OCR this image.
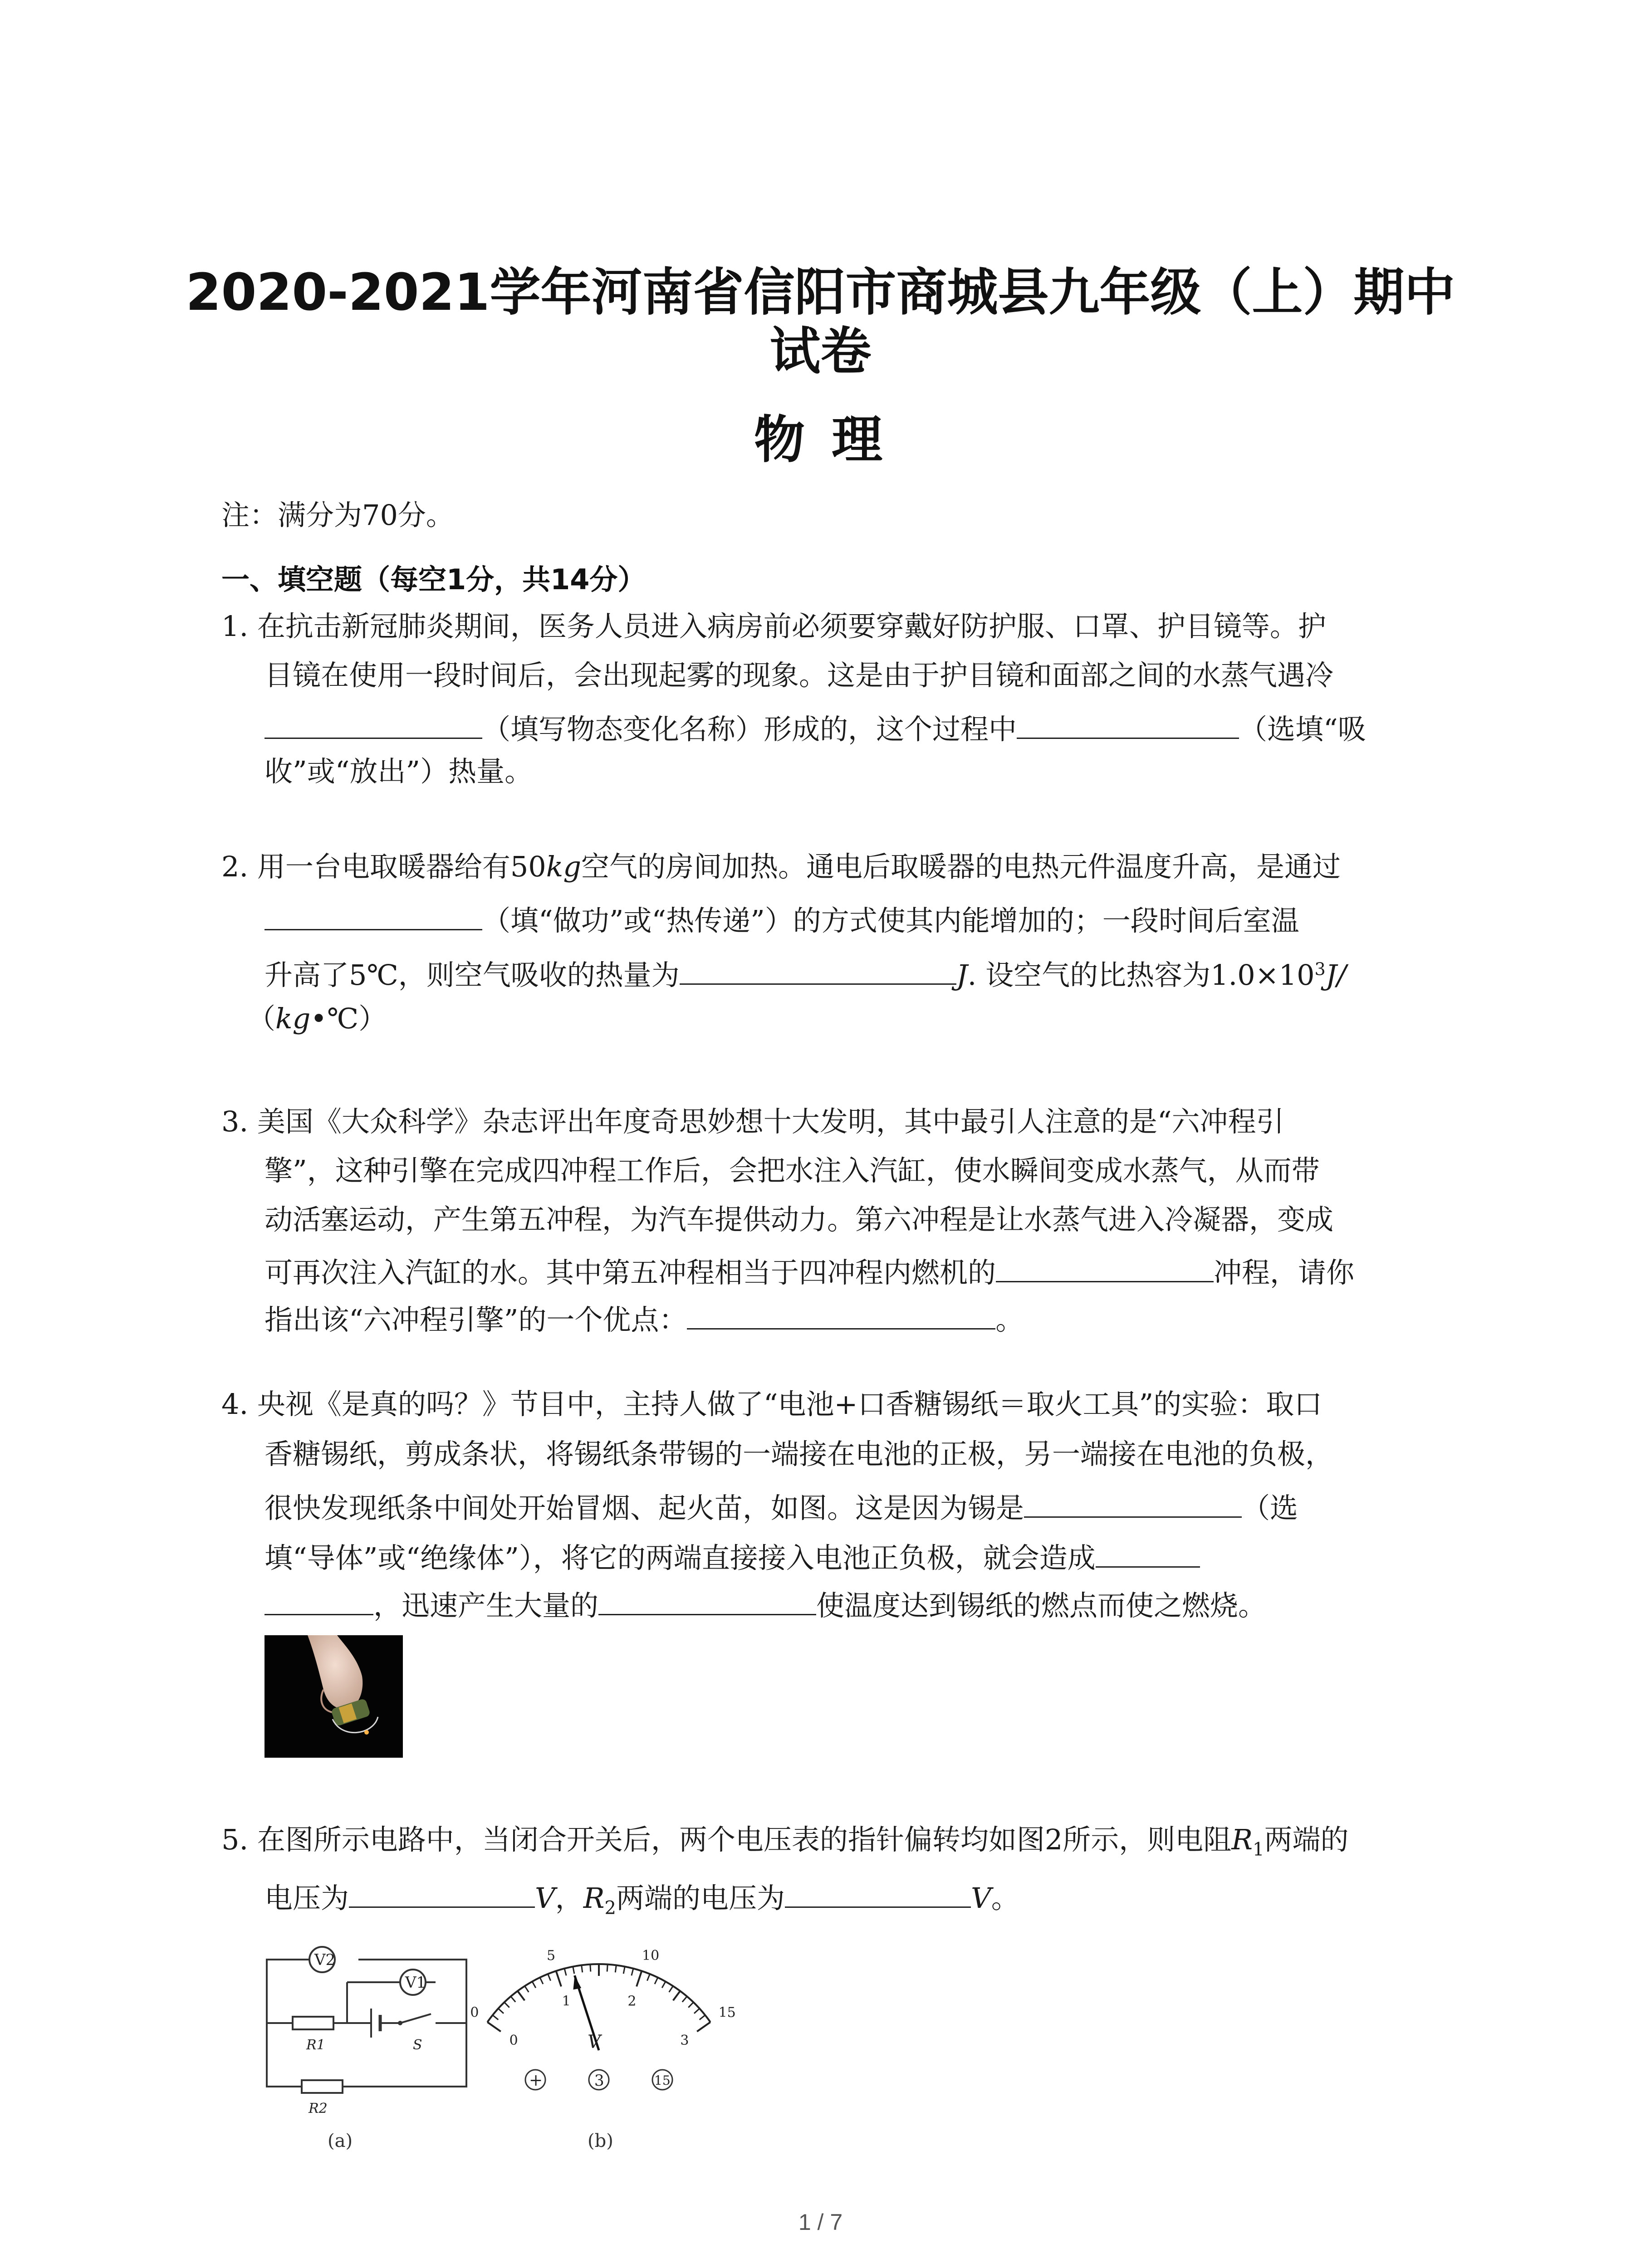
2020-2021学年河南省信阳市商城县九年级（上）期中
试卷
物 理
注：满分为70分。
一、填空题（每空1分，共14分）
1. 在抗击新冠肺炎期间，医务人员进入病房前必须要穿戴好防护服、口罩、护目镜等。护
目镜在使用一段时间后，会出现起雾的现象。这是由于护目镜和面部之间的水蒸气遇冷
（填写物态变化名称）形成的，这个过程中	（选填“吸
收”或“放出”）热量。
2. 用一台电取暖器给有50kg空气的房间加热。通电后取暖器的电热元件温度升高，是通过
（填“做功”或“热传递”）的方式使其内能增加的；一段时间后室温
升高了5℃，则空气吸收的热量为	J. 设空气的比热容为$1.0\times 10^3J/$
（kg•℃）
3. 美国《大众科学》杂志评出年度奇思妙想十大发明，其中最引人注意的是“六冲程引
擎”，这种引擎在完成四冲程工作后，会把水注入汽缸，使水瞬间变成水蒸气，从而带
动活塞运动，产生第五冲程，为汽车提供动力。第六冲程是让水蒸气进入冷凝器，变成
可再次注入汽缸的水。其中第五冲程相当于四冲程内燃机的	冲程，请你
指出该“六冲程引擎”的一个优点：	。
4. 央视《是真的吗？》节目中，主持人做了“电池+口香糖锡纸＝取火工具”的实验：取口
香糖锡纸，剪成条状，将锡纸条带锡的一端接在电池的正极，另一端接在电池的负极，
很快发现纸条中间处开始冒烟、起火苗，如图。这是因为锡是	（选
填“导体”或“绝缘体”），将它的两端直接接入电池正负极，就会造成
，迅速产生大量的	使温度达到锡纸的燃点而使之燃烧。
5. 在图所示电路中，当闭合开关后，两个电压表的指针偏转均如图2所示，则电阻$R_1$两端的
电压为	V，$R_2$两端的电压为	V。
V2
V1
R1	S
R2
(a)
0
5	10
15
0
1	2
3
V
+	3	15
(b)
1 / 7
